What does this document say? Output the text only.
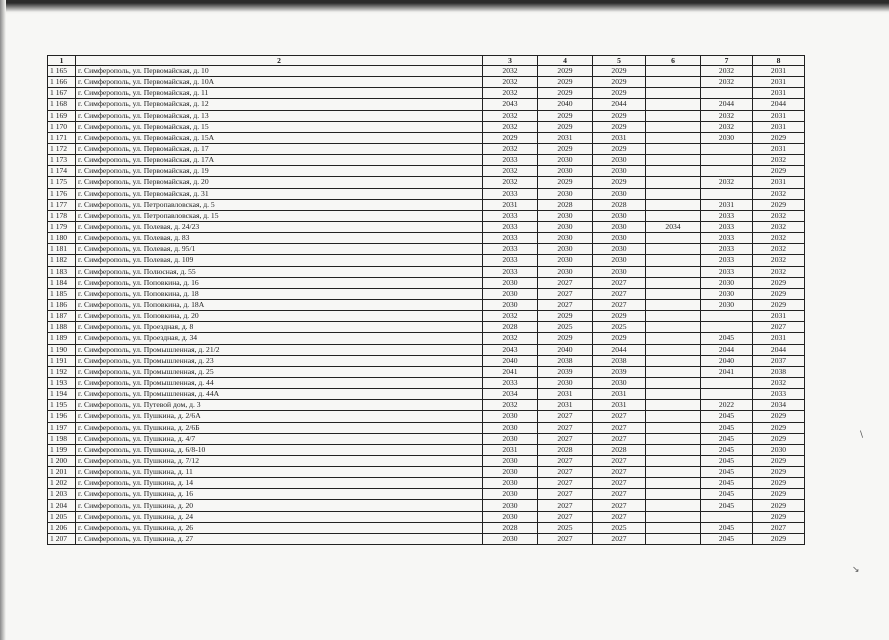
\
↘
1	2	3	4	5	6	7	8
1 165	г. Симферополь, ул. Первомайская, д. 10	2032	2029	2029		2032	2031
1 166	г. Симферополь, ул. Первомайская, д. 10А	2032	2029	2029		2032	2031
1 167	г. Симферополь, ул. Первомайская, д. 11	2032	2029	2029			2031
1 168	г. Симферополь, ул. Первомайская, д. 12	2043	2040	2044		2044	2044
1 169	г. Симферополь, ул. Первомайская, д. 13	2032	2029	2029		2032	2031
1 170	г. Симферополь, ул. Первомайская, д. 15	2032	2029	2029		2032	2031
1 171	г. Симферополь, ул. Первомайская, д. 15А	2029	2031	2031		2030	2029
1 172	г. Симферополь, ул. Первомайская, д. 17	2032	2029	2029			2031
1 173	г. Симферополь, ул. Первомайская, д. 17А	2033	2030	2030			2032
1 174	г. Симферополь, ул. Первомайская, д. 19	2032	2030	2030			2029
1 175	г. Симферополь, ул. Первомайская, д. 20	2032	2029	2029		2032	2031
1 176	г. Симферополь, ул. Первомайская, д. 31	2033	2030	2030			2032
1 177	г. Симферополь, ул. Петропавловская, д. 5	2031	2028	2028		2031	2029
1 178	г. Симферополь, ул. Петропавловская, д. 15	2033	2030	2030		2033	2032
1 179	г. Симферополь, ул. Полевая, д. 24/23	2033	2030	2030	2034	2033	2032
1 180	г. Симферополь, ул. Полевая, д. 83	2033	2030	2030		2033	2032
1 181	г. Симферополь, ул. Полевая, д. 95/1	2033	2030	2030		2033	2032
1 182	г. Симферополь, ул. Полевая, д. 109	2033	2030	2030		2033	2032
1 183	г. Симферополь, ул. Полюсная, д. 55	2033	2030	2030		2033	2032
1 184	г. Симферополь, ул. Поповкина, д. 16	2030	2027	2027		2030	2029
1 185	г. Симферополь, ул. Поповкина, д. 18	2030	2027	2027		2030	2029
1 186	г. Симферополь, ул. Поповкина, д. 18А	2030	2027	2027		2030	2029
1 187	г. Симферополь, ул. Поповкина, д. 20	2032	2029	2029			2031
1 188	г. Симферополь, ул. Проездная, д. 8	2028	2025	2025			2027
1 189	г. Симферополь, ул. Проездная, д. 34	2032	2029	2029		2045	2031
1 190	г. Симферополь, ул. Промышленная, д. 21/2	2043	2040	2044		2044	2044
1 191	г. Симферополь, ул. Промышленная, д. 23	2040	2038	2038		2040	2037
1 192	г. Симферополь, ул. Промышленная, д. 25	2041	2039	2039		2041	2038
1 193	г. Симферополь, ул. Промышленная, д. 44	2033	2030	2030			2032
1 194	г. Симферополь, ул. Промышленная, д. 44А	2034	2031	2031			2033
1 195	г. Симферополь, ул. Путевой дом, д. 3	2032	2031	2031		2022	2034
1 196	г. Симферополь, ул. Пушкина, д. 2/6А	2030	2027	2027		2045	2029
1 197	г. Симферополь, ул. Пушкина, д. 2/6Б	2030	2027	2027		2045	2029
1 198	г. Симферополь, ул. Пушкина, д. 4/7	2030	2027	2027		2045	2029
1 199	г. Симферополь, ул. Пушкина, д. 6/8-10	2031	2028	2028		2045	2030
1 200	г. Симферополь, ул. Пушкина, д. 7/12	2030	2027	2027		2045	2029
1 201	г. Симферополь, ул. Пушкина, д. 11	2030	2027	2027		2045	2029
1 202	г. Симферополь, ул. Пушкина, д. 14	2030	2027	2027		2045	2029
1 203	г. Симферополь, ул. Пушкина, д. 16	2030	2027	2027		2045	2029
1 204	г. Симферополь, ул. Пушкина, д. 20	2030	2027	2027		2045	2029
1 205	г. Симферополь, ул. Пушкина, д. 24	2030	2027	2027			2029
1 206	г. Симферополь, ул. Пушкина, д. 26	2028	2025	2025		2045	2027
1 207	г. Симферополь, ул. Пушкина, д. 27	2030	2027	2027		2045	2029
